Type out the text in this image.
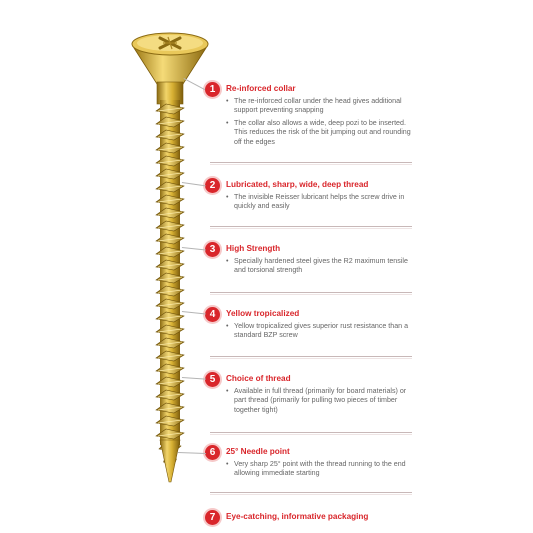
1	Re-inforced collar
• The re-inforced collar under the head gives additional support preventing snapping
• The collar also allows a wide, deep pozi to be inserted. This reduces the risk of the bit jumping out and rounding off the edges
2	Lubricated, sharp, wide, deep thread
• The invisible Reisser lubricant helps the screw drive in quickly and easily
3	High Strength
• Specially hardened steel gives the R2 maximum tensile and torsional strength
4	Yellow tropicalized
• Yellow tropicalized gives superior rust resistance than a standard BZP screw
5	Choice of thread
• Available in full thread (primarily for board materials) or part thread (primarily for pulling two pieces of timber together tight)
6	25° Needle point
• Very sharp 25° point with the thread running to the end allowing immediate starting
7	Eye-catching, informative packaging
